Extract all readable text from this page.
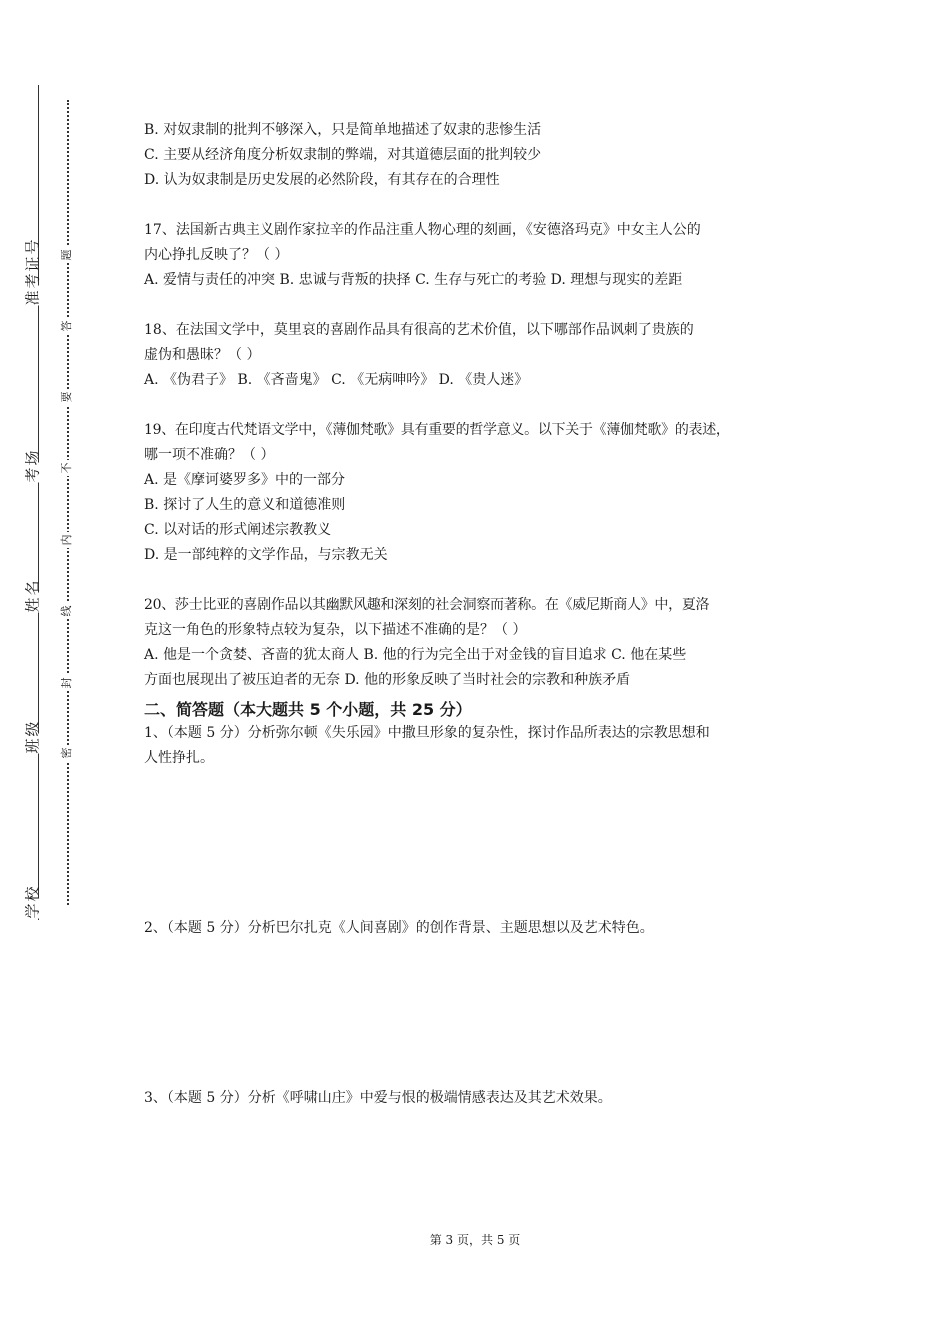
准考证号
考场
姓名
班级
学校
密
封
线
内
不
要
答
题
B. 对奴隶制的批判不够深入，只是简单地描述了奴隶的悲惨生活
C. 主要从经济角度分析奴隶制的弊端，对其道德层面的批判较少
D. 认为奴隶制是历史发展的必然阶段，有其存在的合理性
17、法国新古典主义剧作家拉辛的作品注重人物心理的刻画，《安德洛玛克》中女主人公的
内心挣扎反映了？（ ）
A. 爱情与责任的冲突 B. 忠诚与背叛的抉择 C. 生存与死亡的考验 D. 理想与现实的差距
18、在法国文学中，莫里哀的喜剧作品具有很高的艺术价值，以下哪部作品讽刺了贵族的
虚伪和愚昧？（ ）
A. 《伪君子》 B. 《吝啬鬼》 C. 《无病呻吟》 D. 《贵人迷》
19、在印度古代梵语文学中，《薄伽梵歌》具有重要的哲学意义。以下关于《薄伽梵歌》的表述，
哪一项不准确？（ ）
A. 是《摩诃婆罗多》中的一部分
B. 探讨了人生的意义和道德准则
C. 以对话的形式阐述宗教教义
D. 是一部纯粹的文学作品，与宗教无关
20、莎士比亚的喜剧作品以其幽默风趣和深刻的社会洞察而著称。在《威尼斯商人》中，夏洛
克这一角色的形象特点较为复杂，以下描述不准确的是？（ ）
A. 他是一个贪婪、吝啬的犹太商人 B. 他的行为完全出于对金钱的盲目追求 C. 他在某些
方面也展现出了被压迫者的无奈 D. 他的形象反映了当时社会的宗教和种族矛盾
二、简答题（本大题共 5 个小题，共 25 分）
1、（本题 5 分）分析弥尔顿《失乐园》中撒旦形象的复杂性，探讨作品所表达的宗教思想和
人性挣扎。
2、（本题 5 分）分析巴尔扎克《人间喜剧》的创作背景、主题思想以及艺术特色。
3、（本题 5 分）分析《呼啸山庄》中爱与恨的极端情感表达及其艺术效果。
第 3 页，共 5 页
